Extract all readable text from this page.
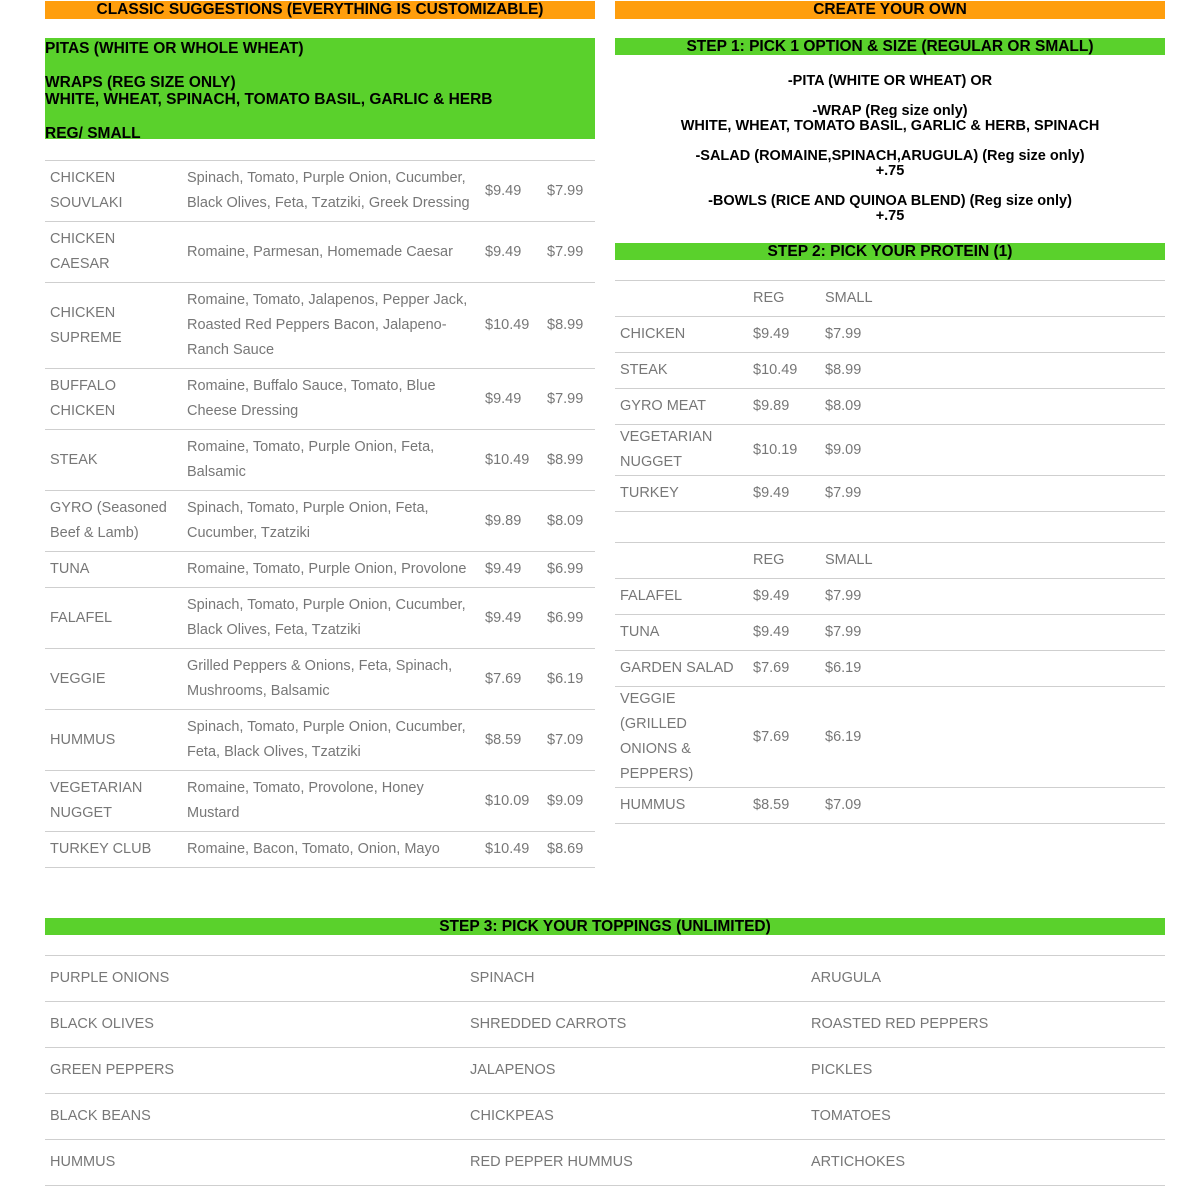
CLASSIC SUGGESTIONS (EVERYTHING IS CUSTOMIZABLE)
PITAS (WHITE OR WHOLE WHEAT)
WRAPS (REG SIZE ONLY)
WHITE, WHEAT, SPINACH, TOMATO BASIL, GARLIC & HERB
REG/ SMALL
CHICKEN SOUVLAKI	Spinach, Tomato, Purple Onion, Cucumber, Black Olives, Feta, Tzatziki, Greek Dressing	$9.49	$7.99
CHICKEN CAESAR	Romaine, Parmesan, Homemade Caesar	$9.49	$7.99
CHICKEN SUPREME	Romaine, Tomato, Jalapenos, Pepper Jack, Roasted Red Peppers Bacon, Jalapeno- Ranch Sauce	$10.49	$8.99
BUFFALO CHICKEN	Romaine, Buffalo Sauce, Tomato, Blue Cheese Dressing	$9.49	$7.99
STEAK	Romaine, Tomato, Purple Onion, Feta, Balsamic	$10.49	$8.99
GYRO (Seasoned Beef & Lamb)	Spinach, Tomato, Purple Onion, Feta, Cucumber, Tzatziki	$9.89	$8.09
TUNA	Romaine, Tomato, Purple Onion, Provolone	$9.49	$6.99
FALAFEL	Spinach, Tomato, Purple Onion, Cucumber, Black Olives, Feta, Tzatziki	$9.49	$6.99
VEGGIE	Grilled Peppers & Onions, Feta, Spinach, Mushrooms, Balsamic	$7.69	$6.19
HUMMUS	Spinach, Tomato, Purple Onion, Cucumber, Feta, Black Olives, Tzatziki	$8.59	$7.09
VEGETARIAN NUGGET	Romaine, Tomato, Provolone, Honey Mustard	$10.09	$9.09
TURKEY CLUB	Romaine, Bacon, Tomato, Onion, Mayo	$10.49	$8.69
CREATE YOUR OWN
STEP 1: PICK 1 OPTION & SIZE (REGULAR OR SMALL)
-PITA (WHITE OR WHEAT) OR
-WRAP (Reg size only)
WHITE, WHEAT, TOMATO BASIL, GARLIC & HERB, SPINACH
-SALAD (ROMAINE,SPINACH,ARUGULA) (Reg size only)
+.75
-BOWLS (RICE AND QUINOA BLEND) (Reg size only)
+.75
STEP 2: PICK YOUR PROTEIN (1)
	REG	SMALL
CHICKEN	$9.49	$7.99
STEAK	$10.49	$8.99
GYRO MEAT	$9.89	$8.09
VEGETARIAN NUGGET	$10.19	$9.09
TURKEY	$9.49	$7.99

	REG	SMALL
FALAFEL	$9.49	$7.99
TUNA	$9.49	$7.99
GARDEN SALAD	$7.69	$6.19
VEGGIE (GRILLED ONIONS & PEPPERS)	$7.69	$6.19
HUMMUS	$8.59	$7.09
STEP 3: PICK YOUR TOPPINGS (UNLIMITED)
PURPLE ONIONS	SPINACH	ARUGULA
BLACK OLIVES	SHREDDED CARROTS	ROASTED RED PEPPERS
GREEN PEPPERS	JALAPENOS	PICKLES
BLACK BEANS	CHICKPEAS	TOMATOES
HUMMUS	RED PEPPER HUMMUS	ARTICHOKES
